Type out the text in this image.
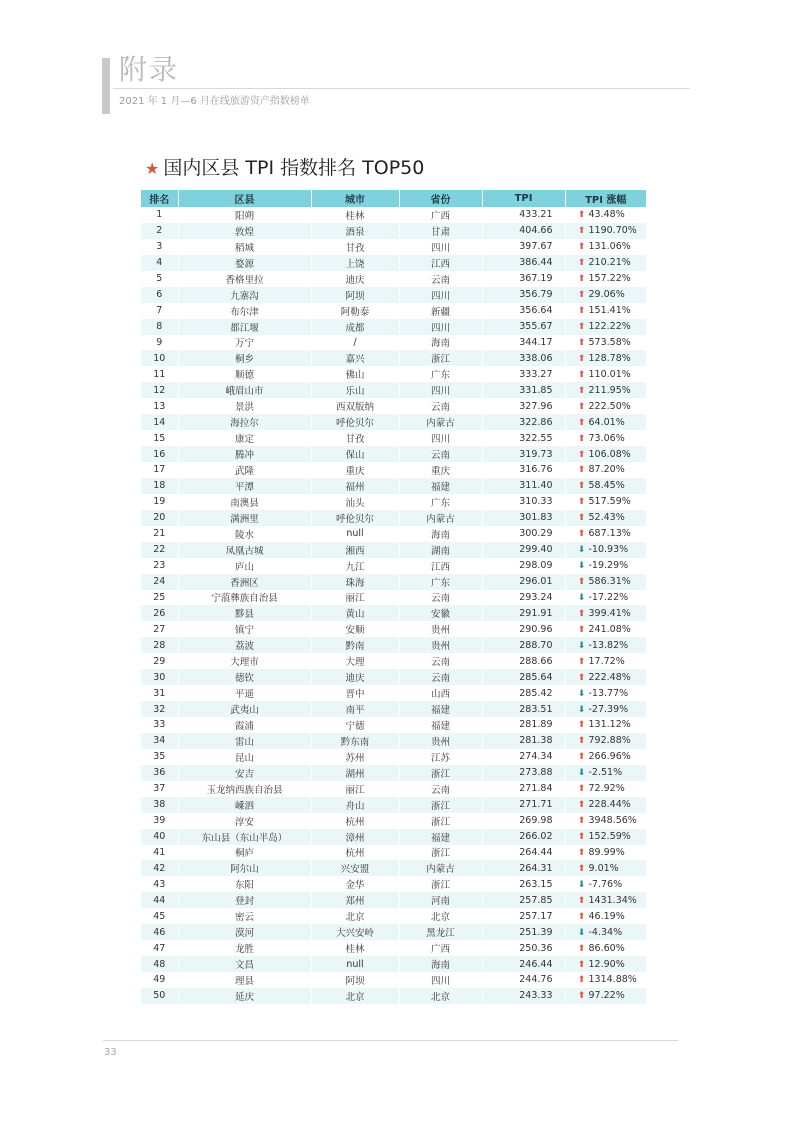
附录
2021 年 1 月—6 月在线旅游资产指数榜单
★ 国内区县 TPI 指数排名 TOP50
排名	区县	城市	省份	TPI	TPI 涨幅
1	阳朔	桂林	广西	433.21	⬆ 43.48%
2	敦煌	酒泉	甘肃	404.66	⬆ 1190.70%
3	稻城	甘孜	四川	397.67	⬆ 131.06%
4	婺源	上饶	江西	386.44	⬆ 210.21%
5	香格里拉	迪庆	云南	367.19	⬆ 157.22%
6	九寨沟	阿坝	四川	356.79	⬆ 29.06%
7	布尔津	阿勒泰	新疆	356.64	⬆ 151.41%
8	都江堰	成都	四川	355.67	⬆ 122.22%
9	万宁	/	海南	344.17	⬆ 573.58%
10	桐乡	嘉兴	浙江	338.06	⬆ 128.78%
11	顺德	佛山	广东	333.27	⬆ 110.01%
12	峨眉山市	乐山	四川	331.85	⬆ 211.95%
13	景洪	西双版纳	云南	327.96	⬆ 222.50%
14	海拉尔	呼伦贝尔	内蒙古	322.86	⬆ 64.01%
15	康定	甘孜	四川	322.55	⬆ 73.06%
16	腾冲	保山	云南	319.73	⬆ 106.08%
17	武隆	重庆	重庆	316.76	⬆ 87.20%
18	平潭	福州	福建	311.40	⬆ 58.45%
19	南澳县	汕头	广东	310.33	⬆ 517.59%
20	满洲里	呼伦贝尔	内蒙古	301.83	⬆ 52.43%
21	陵水	null	海南	300.29	⬆ 687.13%
22	凤凰古城	湘西	湖南	299.40	⬇ -10.93%
23	庐山	九江	江西	298.09	⬇ -19.29%
24	香洲区	珠海	广东	296.01	⬆ 586.31%
25	宁蒗彝族自治县	丽江	云南	293.24	⬇ -17.22%
26	黟县	黄山	安徽	291.91	⬆ 399.41%
27	镇宁	安顺	贵州	290.96	⬆ 241.08%
28	荔波	黔南	贵州	288.70	⬇ -13.82%
29	大理市	大理	云南	288.66	⬆ 17.72%
30	德钦	迪庆	云南	285.64	⬆ 222.48%
31	平遥	晋中	山西	285.42	⬇ -13.77%
32	武夷山	南平	福建	283.51	⬇ -27.39%
33	霞浦	宁德	福建	281.89	⬆ 131.12%
34	雷山	黔东南	贵州	281.38	⬆ 792.88%
35	昆山	苏州	江苏	274.34	⬆ 266.96%
36	安吉	湖州	浙江	273.88	⬇ -2.51%
37	玉龙纳西族自治县	丽江	云南	271.84	⬆ 72.92%
38	嵊泗	舟山	浙江	271.71	⬆ 228.44%
39	淳安	杭州	浙江	269.98	⬆ 3948.56%
40	东山县（东山半岛）	漳州	福建	266.02	⬆ 152.59%
41	桐庐	杭州	浙江	264.44	⬆ 89.99%
42	阿尔山	兴安盟	内蒙古	264.31	⬆ 9.01%
43	东阳	金华	浙江	263.15	⬇ -7.76%
44	登封	郑州	河南	257.85	⬆ 1431.34%
45	密云	北京	北京	257.17	⬆ 46.19%
46	漠河	大兴安岭	黑龙江	251.39	⬇ -4.34%
47	龙胜	桂林	广西	250.36	⬆ 86.60%
48	文昌	null	海南	246.44	⬆ 12.90%
49	理县	阿坝	四川	244.76	⬆ 1314.88%
50	延庆	北京	北京	243.33	⬆ 97.22%
33
